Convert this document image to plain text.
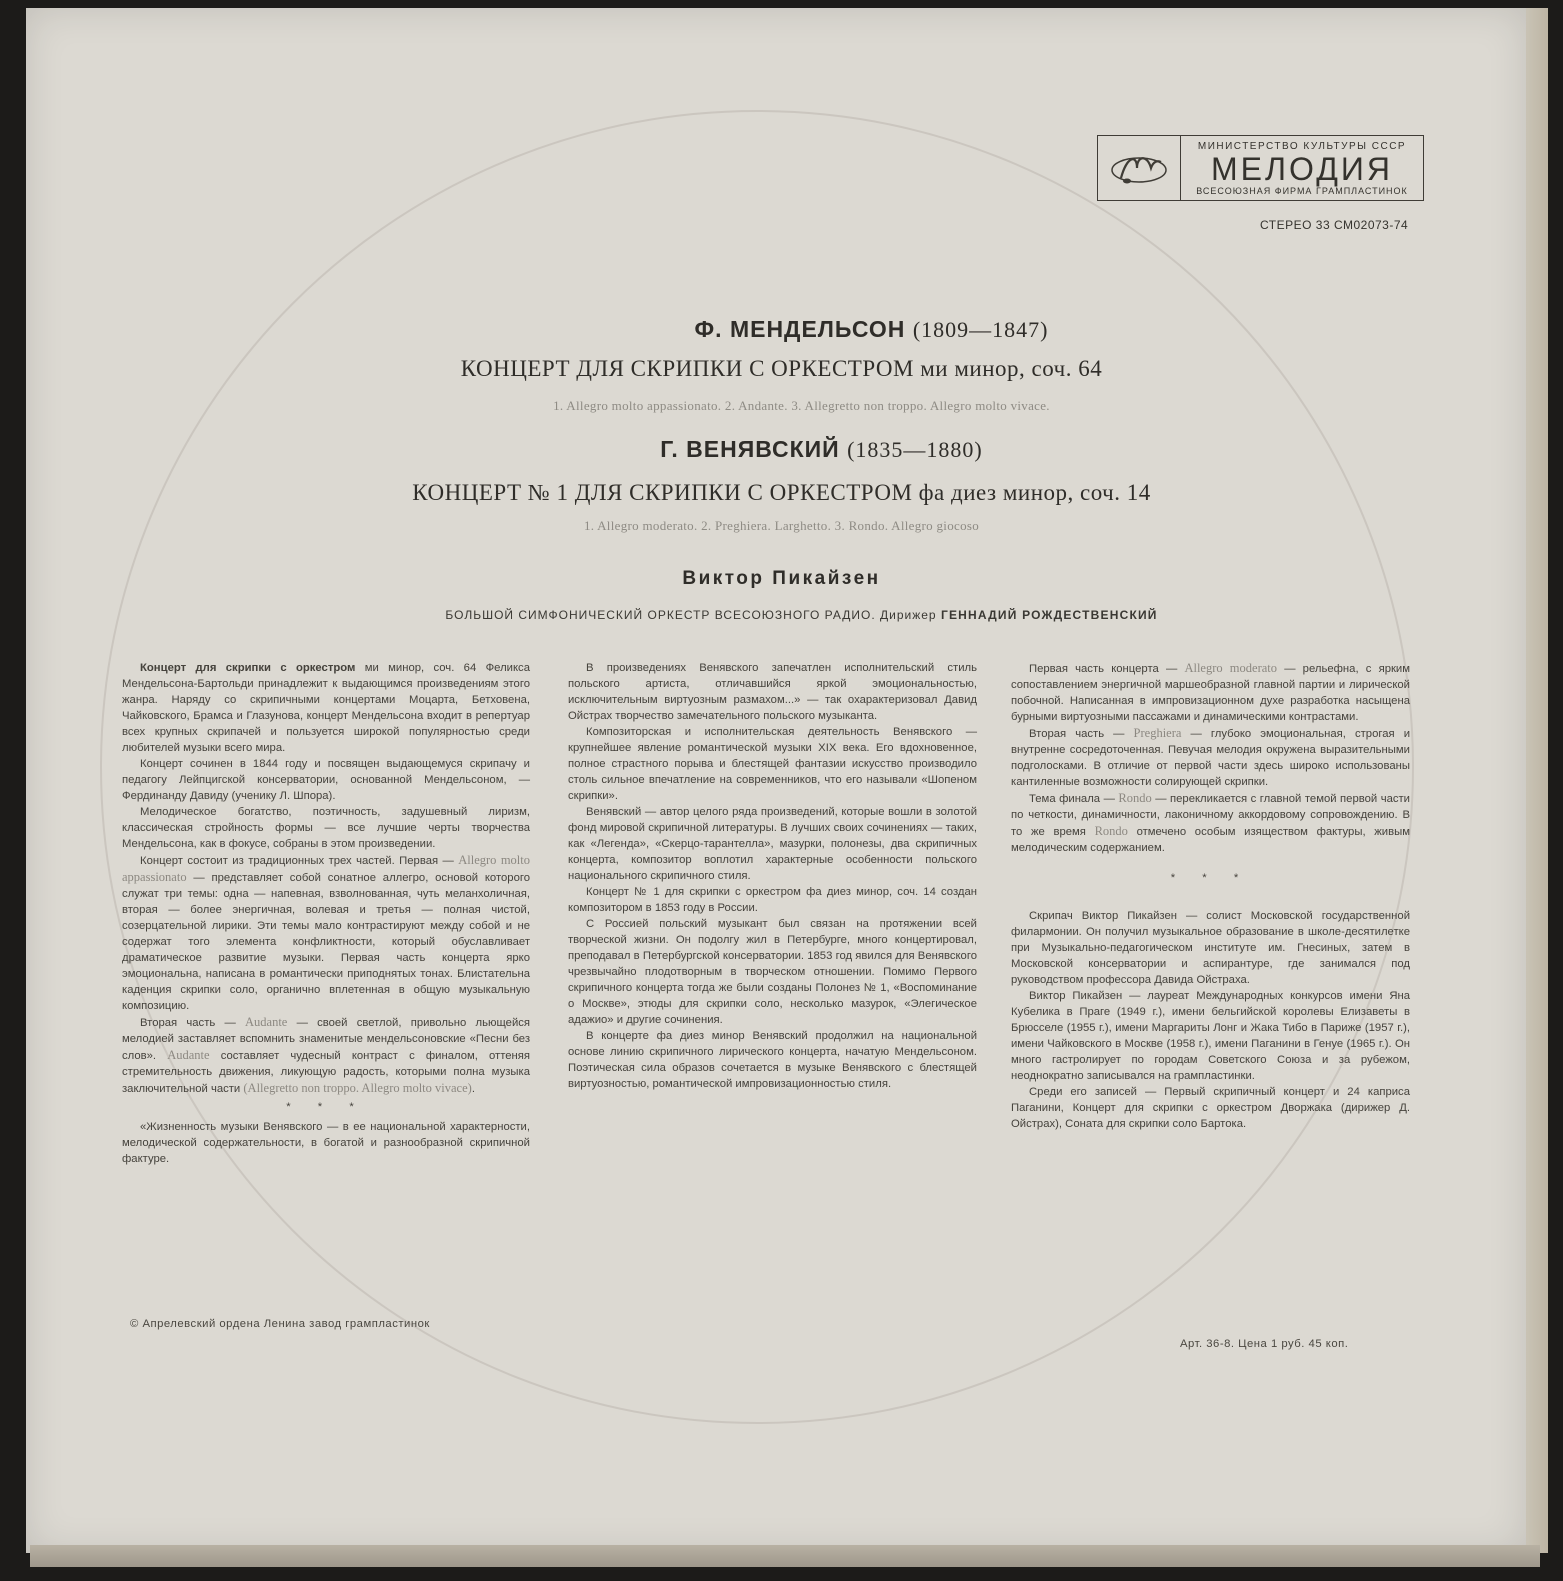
МИНИСТЕРСТВО КУЛЬТУРЫ СССР
МЕЛОДИЯ
ВСЕСОЮЗНАЯ ФИРМА ГРАМПЛАСТИНОК
СТЕРЕО 33 СМ02073-74
Ф. МЕНДЕЛЬСОН (1809—1847)
КОНЦЕРТ ДЛЯ СКРИПКИ С ОРКЕСТРОМ ми минор, соч. 64
1. Allegro molto appassionato. 2. Andante. 3. Allegretto non troppo. Allegro molto vivace.
Г. ВЕНЯВСКИЙ (1835—1880)
КОНЦЕРТ № 1 ДЛЯ СКРИПКИ С ОРКЕСТРОМ фа диез минор, соч. 14
1. Allegro moderato. 2. Preghiera. Larghetto. 3. Rondo. Allegro giocoso
Виктор Пикайзен
БОЛЬШОЙ СИМФОНИЧЕСКИЙ ОРКЕСТР ВСЕСОЮЗНОГО РАДИО. Дирижер ГЕННАДИЙ РОЖДЕСТВЕНСКИЙ

Концерт для скрипки с оркестром ми минор, соч. 64 Феликса Мендельсона-Бартольди принадлежит к выдающимся произведениям этого жанра. Наряду со скрипичными концертами Моцарта, Бетховена, Чайковского, Брамса и Глазунова, концерт Мендельсона входит в репертуар всех крупных скрипачей и пользуется широкой популярностью среди любителей музыки всего мира.

Концерт сочинен в 1844 году и посвящен выдающемуся скрипачу и педагогу Лейпцигской консерватории, основанной Мендельсоном, — Фердинанду Давиду (ученику Л. Шпора).

Мелодическое богатство, поэтичность, задушевный лиризм, классическая стройность формы — все лучшие черты творчества Мендельсона, как в фокусе, собраны в этом произведении.

Концерт состоит из традиционных трех частей. Первая — Allegro molto appassionato — представляет собой сонатное аллегро, основой которого служат три темы: одна — напевная, взволнованная, чуть меланхоличная, вторая — более энергичная, волевая и третья — полная чистой, созерцательной лирики. Эти темы мало контрастируют между собой и не содержат того элемента конфликтности, который обуславливает драматическое развитие музыки. Первая часть концерта ярко эмоциональна, написана в романтически приподнятых тонах. Блистательна каденция скрипки соло, органично вплетенная в общую музыкальную композицию.

Вторая часть — Audante — своей светлой, привольно льющейся мелодией заставляет вспомнить знаменитые мендельсоновские «Песни без слов». Audante составляет чудесный контраст с финалом, оттеняя стремительность движения, ликующую радость, которыми полна музыка заключительной части (Allegretto non troppo. Allegro molto vivace).

* * *

«Жизненность музыки Венявского — в ее национальной характерности, мелодической содержательности, в богатой и разнообразной скрипичной фактуре.

В произведениях Венявского запечатлен исполнительский стиль польского артиста, отличавшийся яркой эмоциональностью, исключительным виртуозным размахом...» — так охарактеризовал Давид Ойстрах творчество замечательного польского музыканта.

Композиторская и исполнительская деятельность Венявского — крупнейшее явление романтической музыки XIX века. Его вдохновенное, полное страстного порыва и блестящей фантазии искусство производило столь сильное впечатление на современников, что его называли «Шопеном скрипки».

Венявский — автор целого ряда произведений, которые вошли в золотой фонд мировой скрипичной литературы. В лучших своих сочинениях — таких, как «Легенда», «Скерцо-тарантелла», мазурки, полонезы, два скрипичных концерта, композитор воплотил характерные особенности польского национального скрипичного стиля.

Концерт № 1 для скрипки с оркестром фа диез минор, соч. 14 создан композитором в 1853 году в России.

С Россией польский музыкант был связан на протяжении всей творческой жизни. Он подолгу жил в Петербурге, много концертировал, преподавал в Петербургской консерватории. 1853 год явился для Венявского чрезвычайно плодотворным в творческом отношении. Помимо Первого скрипичного концерта тогда же были созданы Полонез № 1, «Воспоминание о Москве», этюды для скрипки соло, несколько мазурок, «Элегическое адажио» и другие сочинения.

В концерте фа диез минор Венявский продолжил на национальной основе линию скрипичного лирического концерта, начатую Мендельсоном. Поэтическая сила образов сочетается в музыке Венявского с блестящей виртуозностью, романтической импровизационностью стиля.

Первая часть концерта — Allegro moderato — рельефна, с ярким сопоставлением энергичной маршеобразной главной партии и лирической побочной. Написанная в импровизационном духе разработка насыщена бурными виртуозными пассажами и динамическими контрастами.

Вторая часть — Preghiera — глубоко эмоциональная, строгая и внутренне сосредоточенная. Певучая мелодия окружена выразительными подголосками. В отличие от первой части здесь широко использованы кантиленные возможности солирующей скрипки.

Тема финала — Rondo — перекликается с главной темой первой части по четкости, динамичности, лаконичному аккордовому сопровождению. В то же время Rondo отмечено особым изяществом фактуры, живым мелодическим содержанием.

* * *

Скрипач Виктор Пикайзен — солист Московской государственной филармонии. Он получил музыкальное образование в школе-десятилетке при Музыкально-педагогическом институте им. Гнесиных, затем в Московской консерватории и аспирантуре, где занимался под руководством профессора Давида Ойстраха.

Виктор Пикайзен — лауреат Международных конкурсов имени Яна Кубелика в Праге (1949 г.), имени бельгийской королевы Елизаветы в Брюсселе (1955 г.), имени Маргариты Лонг и Жака Тибо в Париже (1957 г.), имени Чайковского в Москве (1958 г.), имени Паганини в Генуе (1965 г.). Он много гастролирует по городам Советского Союза и за рубежом, неоднократно записывался на грампластинки.

Среди его записей — Первый скрипичный концерт и 24 каприса Паганини, Концерт для скрипки с оркестром Дворжака (дирижер Д. Ойстрах), Соната для скрипки соло Бартока.

© Апрелевский ордена Ленина завод грампластинок
Арт. 36-8. Цена 1 руб. 45 коп.
